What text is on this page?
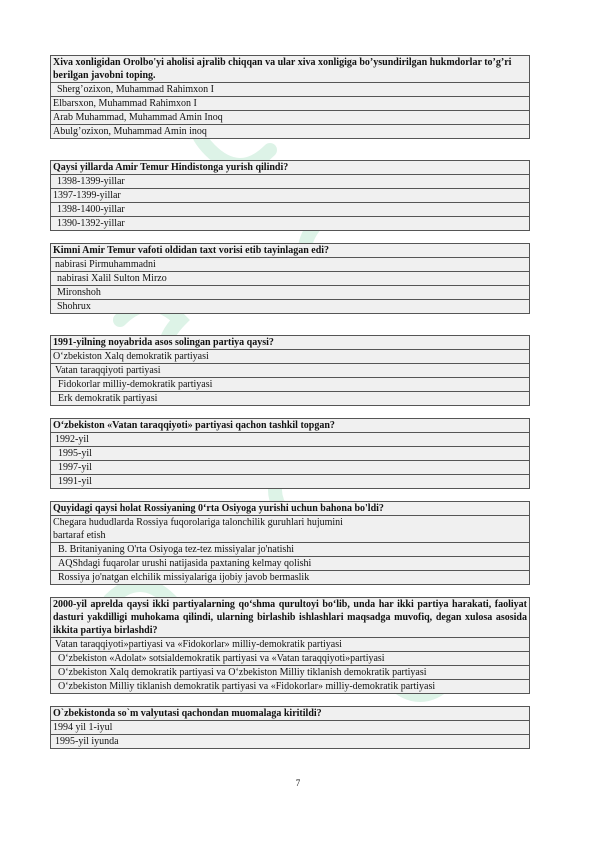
Xiva xonligidan Orolbo'yi aholisi ajralib chiqqan va ular xiva xonligiga bo’ysundirilgan hukmdorlar to’g’ri berilgan javobni toping.
Sherg’ozixon, Muhammad Rahimxon I
Elbarsxon, Muhammad Rahimxon I
Arab Muhammad, Muhammad Amin Inoq
Abulg’ozixon, Muhammad Amin inoq
Qaysi yillarda Amir Temur Hindistonga yurish qilindi?
1398-1399-yillar
1397-1399-yillar
1398-1400-yillar
1390-1392-yillar
Kimni Amir Temur vafoti oldidan taxt vorisi etib tayinlagan edi?
nabirasi Pirmuhammadni
nabirasi Xalil Sulton Mirzo
Mironshoh
Shohrux
1991-yilning noyabrida asos solingan partiya qaysi?
O‘zbekiston Xalq demokratik partiyasi
Vatan taraqqiyoti partiyasi
Fidokorlar milliy-demokratik partiyasi
Erk demokratik partiyasi
O‘zbekiston «Vatan taraqqiyoti» partiyasi qachon tashkil topgan?
1992-yil
1995-yil
1997-yil
1991-yil
Quyidagi qaysi holat Rossiyaning 0‘rta Osiyoga yurishi uchun bahona bo'ldi?
Chegara hududlarda Rossiya fuqorolariga talonchilik guruhlari hujumini bartaraf etish
B. Britaniyaning O'rta Osiyoga tez-tez missiyalar jo'natishi
AQShdagi fuqarolar urushi natijasida paxtaning kelmay qolishi
Rossiya jo'natgan elchilik missiyalariga ijobiy javob bermaslik
2000-yil aprelda qaysi ikki partiyalarning qo‘shma qurultoyi bo‘lib, unda har ikki partiya harakati, faoliyat dasturi yakdilligi muhokama qilindi, ularning birlashib ishlashlari maqsadga muvofiq, degan xulosa asosida ikkita partiya birlashdi?
Vatan taraqqiyoti»partiyasi va «Fidokorlar» milliy-demokratik partiyasi
O‘zbekiston «Adolat» sotsialdemokratik partiyasi va «Vatan taraqqiyoti»partiyasi
O‘zbekiston Xalq demokratik partiyasi va O‘zbekiston Milliy tiklanish demokratik partiyasi
O‘zbekiston Milliy tiklanish demokratik partiyasi va «Fidokorlar» milliy-demokratik partiyasi
O`zbekistonda so`m valyutasi qachondan muomalaga kiritildi?
1994 yil 1-iyul
1995-yil iyunda
7
